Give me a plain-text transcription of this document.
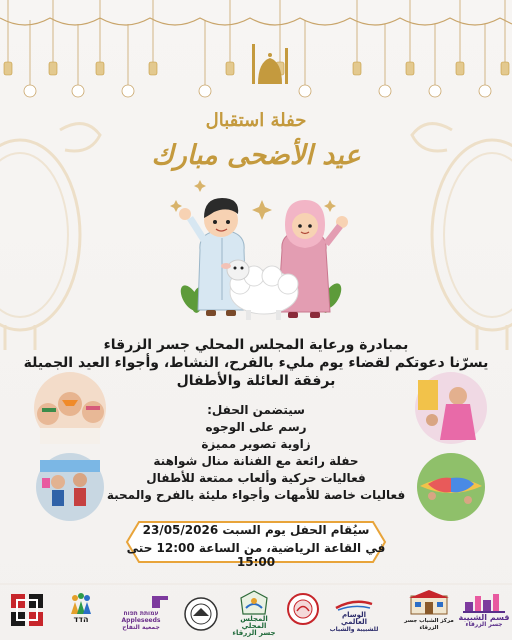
حفلة استقبال
عيد الأضحى مبارك
بمبادرة ورعاية المجلس المحلي جسر الزرقاء
يسرّنا دعوتكم لقضاء يوم مليء بالفرح، النشاط، وأجواء العيد الجميلة
برفقة العائلة والأطفال
سيتضمن الحفل:
رسم على الوجوه
زاوية تصوير مميزة
حفلة رائعة مع الفنانة منال شواهنة
فعاليات حركية وألعاب ممتعة للأطفال
فعاليات خاصة للأمهات وأجواء مليئة بالفرح والمحبة
سيُقام الحفل يوم السبت 23/05/2026
في القاعة الرياضية، من الساعة 12:00 حتى 15:00
הדד
עמותת תפוח
Appleseeds
جمعية التفاح
المجلس المحلي
جسر الزرقاء
الوسام العالمي
للشبيبة والشباب
مركز الشباب جسر الزرقاء
قسم الشبيبة
جسر الزرقاء
